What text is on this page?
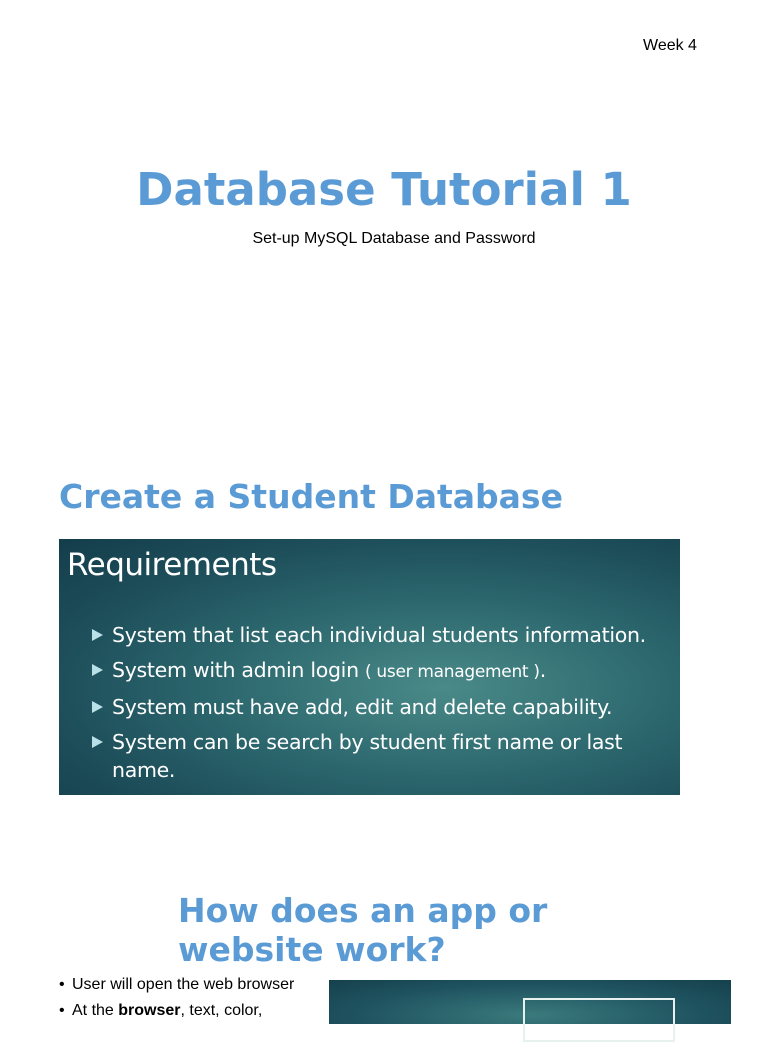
Week 4
Database Tutorial 1
Set-up MySQL Database and Password
Create a Student Database
Requirements
System that list each individual students information.
System with admin login ( user management ).
System must have add, edit and delete capability.
System can be search by student first name or last name.
How does an app or website work?
• User will open the web browser
• At the browser, text, color,
